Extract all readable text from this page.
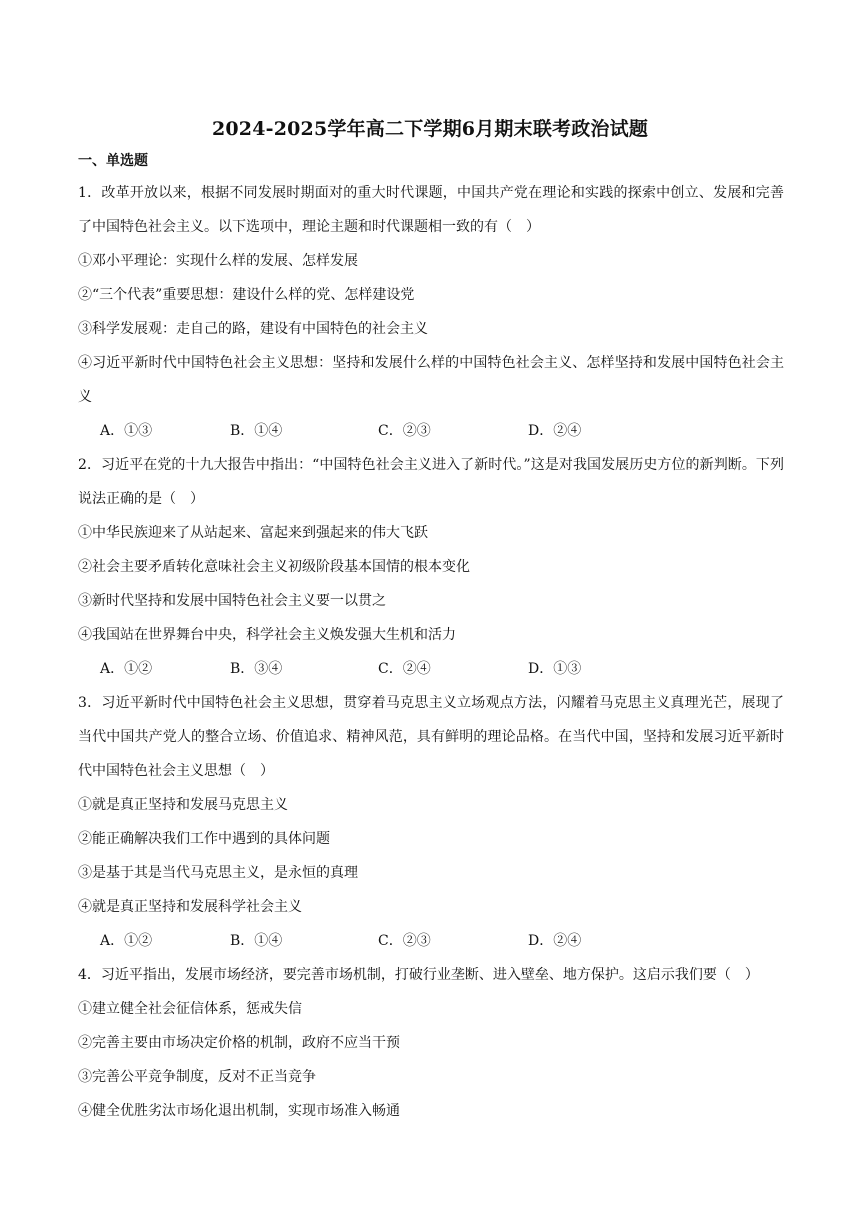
2024-2025学年高二下学期6月期末联考政治试题
一、单选题
1．改革开放以来，根据不同发展时期面对的重大时代课题，中国共产党在理论和实践的探索中创立、发展和完善了中国特色社会主义。以下选项中，理论主题和时代课题相一致的有（　）
①邓小平理论：实现什么样的发展、怎样发展
②“三个代表”重要思想：建设什么样的党、怎样建设党
③科学发展观：走自己的路，建设有中国特色的社会主义
④习近平新时代中国特色社会主义思想：坚持和发展什么样的中国特色社会主义、怎样坚持和发展中国特色社会主义
A．①③	B．①④	C．②③	D．②④
2．习近平在党的十九大报告中指出：“中国特色社会主义进入了新时代。”这是对我国发展历史方位的新判断。下列说法正确的是（　）
①中华民族迎来了从站起来、富起来到强起来的伟大飞跃
②社会主要矛盾转化意味社会主义初级阶段基本国情的根本变化
③新时代坚持和发展中国特色社会主义要一以贯之
④我国站在世界舞台中央，科学社会主义焕发强大生机和活力
A．①②	B．③④	C．②④	D．①③
3．习近平新时代中国特色社会主义思想，贯穿着马克思主义立场观点方法，闪耀着马克思主义真理光芒，展现了当代中国共产党人的整合立场、价值追求、精神风范，具有鲜明的理论品格。在当代中国，坚持和发展习近平新时代中国特色社会主义思想（　）
①就是真正坚持和发展马克思主义
②能正确解决我们工作中遇到的具体问题
③是基于其是当代马克思主义，是永恒的真理
④就是真正坚持和发展科学社会主义
A．①②	B．①④	C．②③	D．②④
4．习近平指出，发展市场经济，要完善市场机制，打破行业垄断、进入壁垒、地方保护。这启示我们要（　）
①建立健全社会征信体系，惩戒失信
②完善主要由市场决定价格的机制，政府不应当干预
③完善公平竞争制度，反对不正当竞争
④健全优胜劣汰市场化退出机制，实现市场准入畅通
